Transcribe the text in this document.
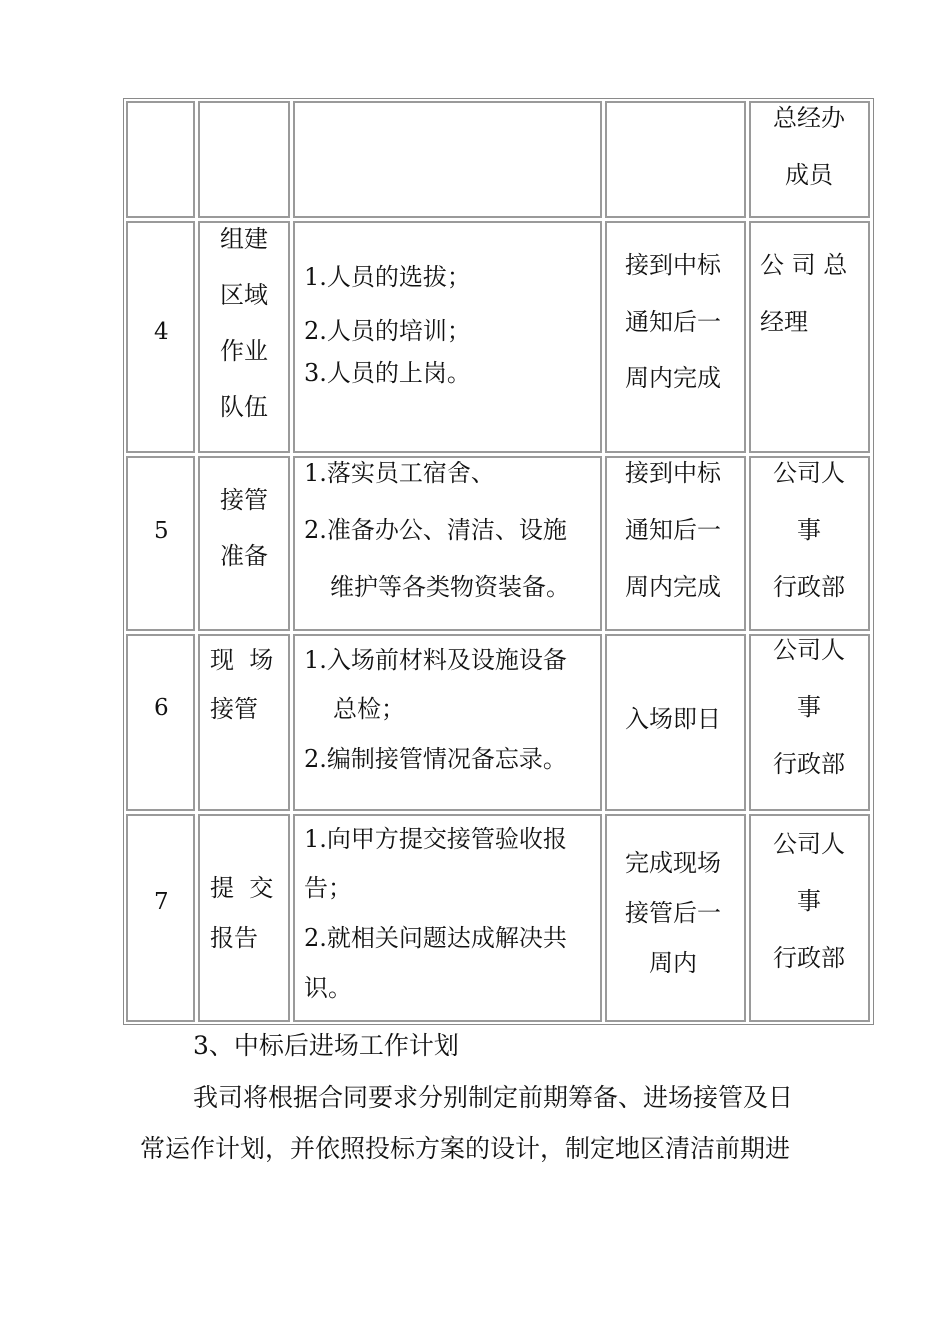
总经办
成员
4
组建
区域
作业
队伍
1.人员的选拔；
2.人员的培训；
3.人员的上岗。
接到中标
通知后一
周内完成
公 司 总
经理
5
接管
准备
1.落实员工宿舍、
2.准备办公、清洁、设施
维护等各类物资装备。
接到中标
通知后一
周内完成
公司人
事
行政部
6
现  场
接管
1.入场前材料及设施设备
总检；
2.编制接管情况备忘录。
入场即日
公司人
事
行政部
7 提  交
报告
1.向甲方提交接管验收报
告；
2.就相关问题达成解决共
识。
完成现场
接管后一
周内
公司人
事
行政部
3、中标后进场工作计划
我司将根据合同要求分别制定前期筹备、进场接管及日
常运作计划，并依照投标方案的设计，制定地区清洁前期进
